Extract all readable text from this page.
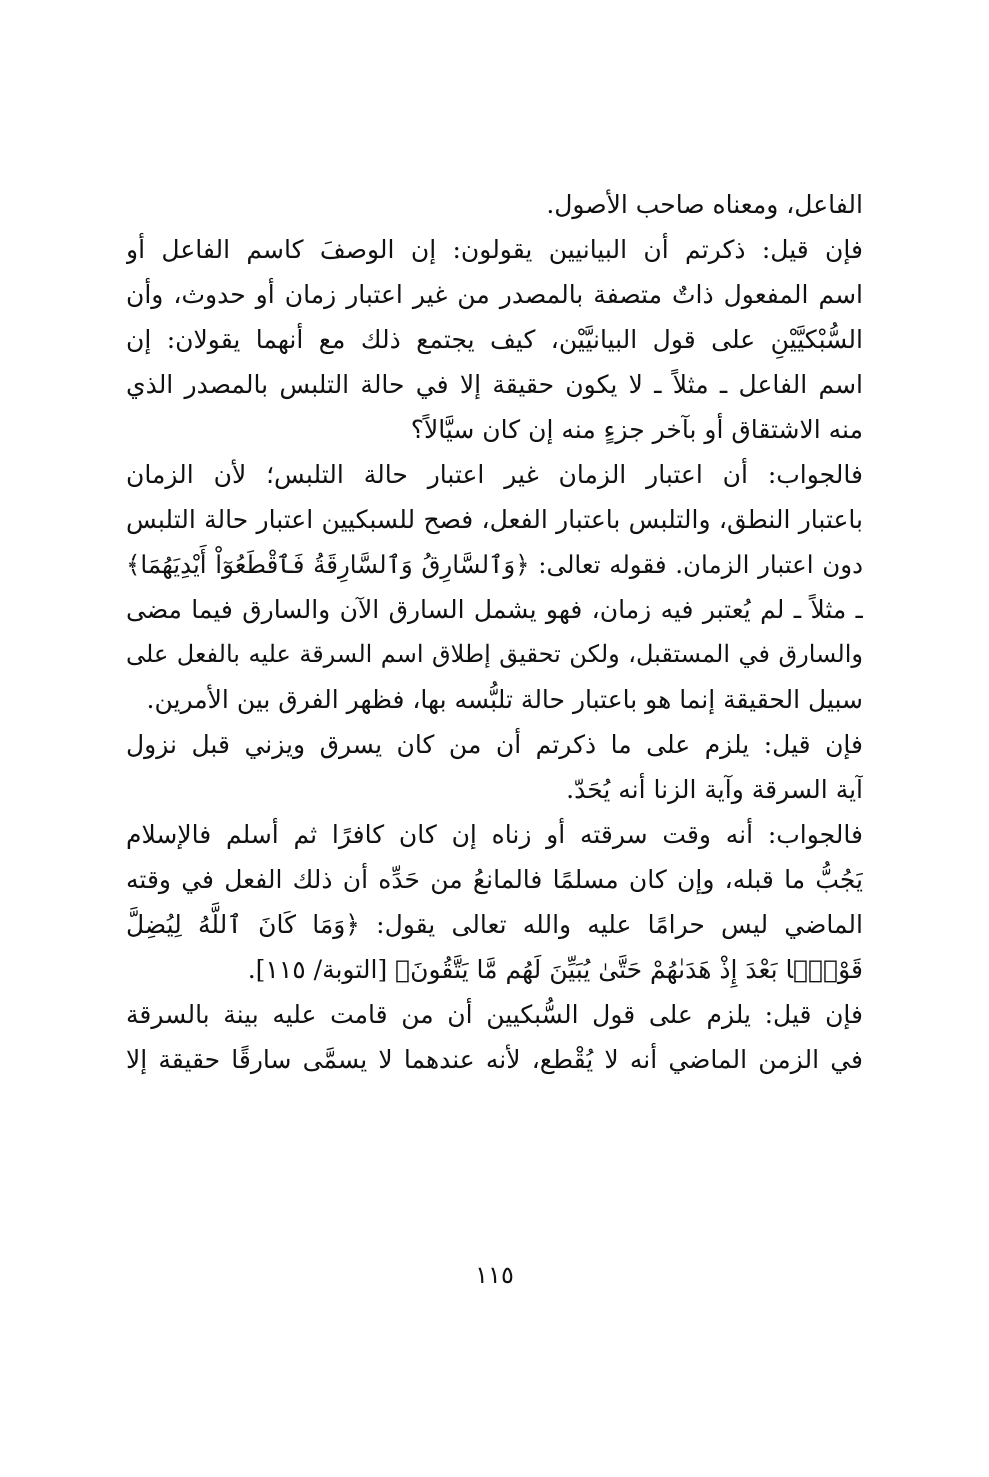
الفاعل، ومعناه صاحب الأصول.
فإن قيل: ذكرتم أن البيانيين يقولون: إن الوصفَ كاسم الفاعل أو
اسم المفعول ذاتٌ متصفة بالمصدر من غير اعتبار زمان أو حدوث، وأن
السُّبْكيَّيْنِ على قول البيانيَّيْن، كيف يجتمع ذلك مع أنهما يقولان: إن
اسم الفاعل ـ مثلاً ـ لا يكون حقيقة إلا في حالة التلبس بالمصدر الذي
منه الاشتقاق أو بآخر جزءٍ منه إن كان سيَّالاً؟
فالجواب: أن اعتبار الزمان غير اعتبار حالة التلبس؛ لأن الزمان
باعتبار النطق، والتلبس باعتبار الفعل، فصح للسبكيين اعتبار حالة التلبس
دون اعتبار الزمان. فقوله تعالى: ﴿وَٱلسَّارِقُ وَٱلسَّارِقَةُ فَٱقْطَعُوٓاْ أَيْدِيَهُمَا﴾
ـ مثلاً ـ لم يُعتبر فيه زمان، فهو يشمل السارق الآن والسارق فيما مضى
والسارق في المستقبل، ولكن تحقيق إطلاق اسم السرقة عليه بالفعل على
سبيل الحقيقة إنما هو باعتبار حالة تلبُّسه بها، فظهر الفرق بين الأمرين.
فإن قيل: يلزم على ما ذكرتم أن من كان يسرق ويزني قبل نزول
آية السرقة وآية الزنا أنه يُحَدّ.
فالجواب: أنه وقت سرقته أو زناه إن كان كافرًا ثم أسلم فالإسلام
يَجُبُّ ما قبله، وإن كان مسلمًا فالمانعُ من حَدِّه أن ذلك الفعل في وقته
الماضي ليس حرامًا عليه والله تعالى يقول: ﴿وَمَا كَانَ ٱللَّهُ لِيُضِلَّ
قَوْمًۢا بَعْدَ إِذْ هَدَىٰهُمْ حَتَّىٰ يُبَيِّنَ لَهُم مَّا يَتَّقُونَ﴾ [التوبة/ ١١٥].
فإن قيل: يلزم على قول السُّبكيين أن من قامت عليه بينة بالسرقة
في الزمن الماضي أنه لا يُقْطع، لأنه عندهما لا يسمَّى سارقًا حقيقة إلا
١١٥
